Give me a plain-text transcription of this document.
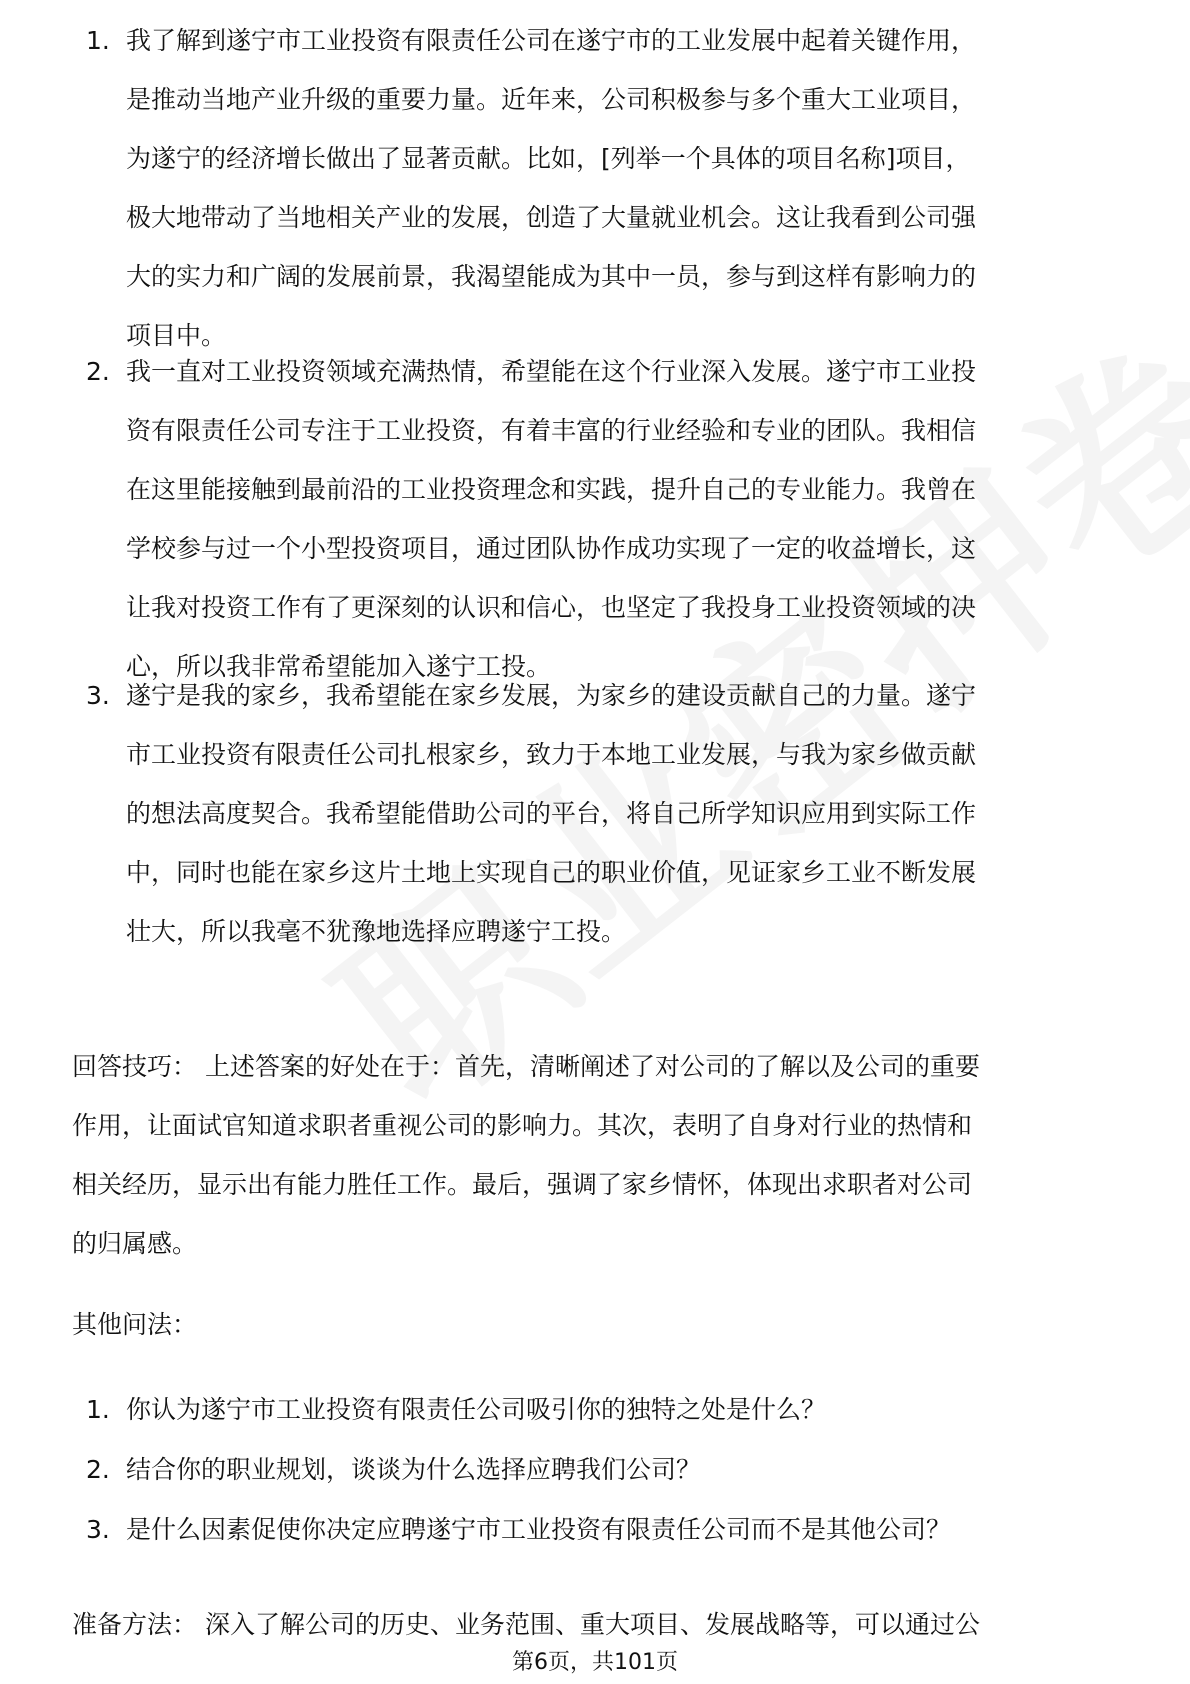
1. 我了解到遂宁市工业投资有限责任公司在遂宁市的工业发展中起着关键作用，
是推动当地产业升级的重要力量。近年来，公司积极参与多个重大工业项目，
为遂宁的经济增长做出了显著贡献。比如，[列举一个具体的项目名称]项目，
极大地带动了当地相关产业的发展，创造了大量就业机会。这让我看到公司强
大的实力和广阔的发展前景，我渴望能成为其中一员，参与到这样有影响力的
项目中。
2. 我一直对工业投资领域充满热情，希望能在这个行业深入发展。遂宁市工业投
资有限责任公司专注于工业投资，有着丰富的行业经验和专业的团队。我相信
在这里能接触到最前沿的工业投资理念和实践，提升自己的专业能力。我曾在
学校参与过一个小型投资项目，通过团队协作成功实现了一定的收益增长，这
让我对投资工作有了更深刻的认识和信心，也坚定了我投身工业投资领域的决
心，所以我非常希望能加入遂宁工投。
3. 遂宁是我的家乡，我希望能在家乡发展，为家乡的建设贡献自己的力量。遂宁
市工业投资有限责任公司扎根家乡，致力于本地工业发展，与我为家乡做贡献
的想法高度契合。我希望能借助公司的平台，将自己所学知识应用到实际工作
中，同时也能在家乡这片土地上实现自己的职业价值，见证家乡工业不断发展
壮大，所以我毫不犹豫地选择应聘遂宁工投。
回答技巧： 上述答案的好处在于：首先，清晰阐述了对公司的了解以及公司的重要
作用，让面试官知道求职者重视公司的影响力。其次，表明了自身对行业的热情和
相关经历，显示出有能力胜任工作。最后，强调了家乡情怀，体现出求职者对公司
的归属感。
其他问法：
1. 你认为遂宁市工业投资有限责任公司吸引你的独特之处是什么？
2. 结合你的职业规划，谈谈为什么选择应聘我们公司？
3. 是什么因素促使你决定应聘遂宁市工业投资有限责任公司而不是其他公司？
准备方法： 深入了解公司的历史、业务范围、重大项目、发展战略等，可以通过公
第6页，共101页
